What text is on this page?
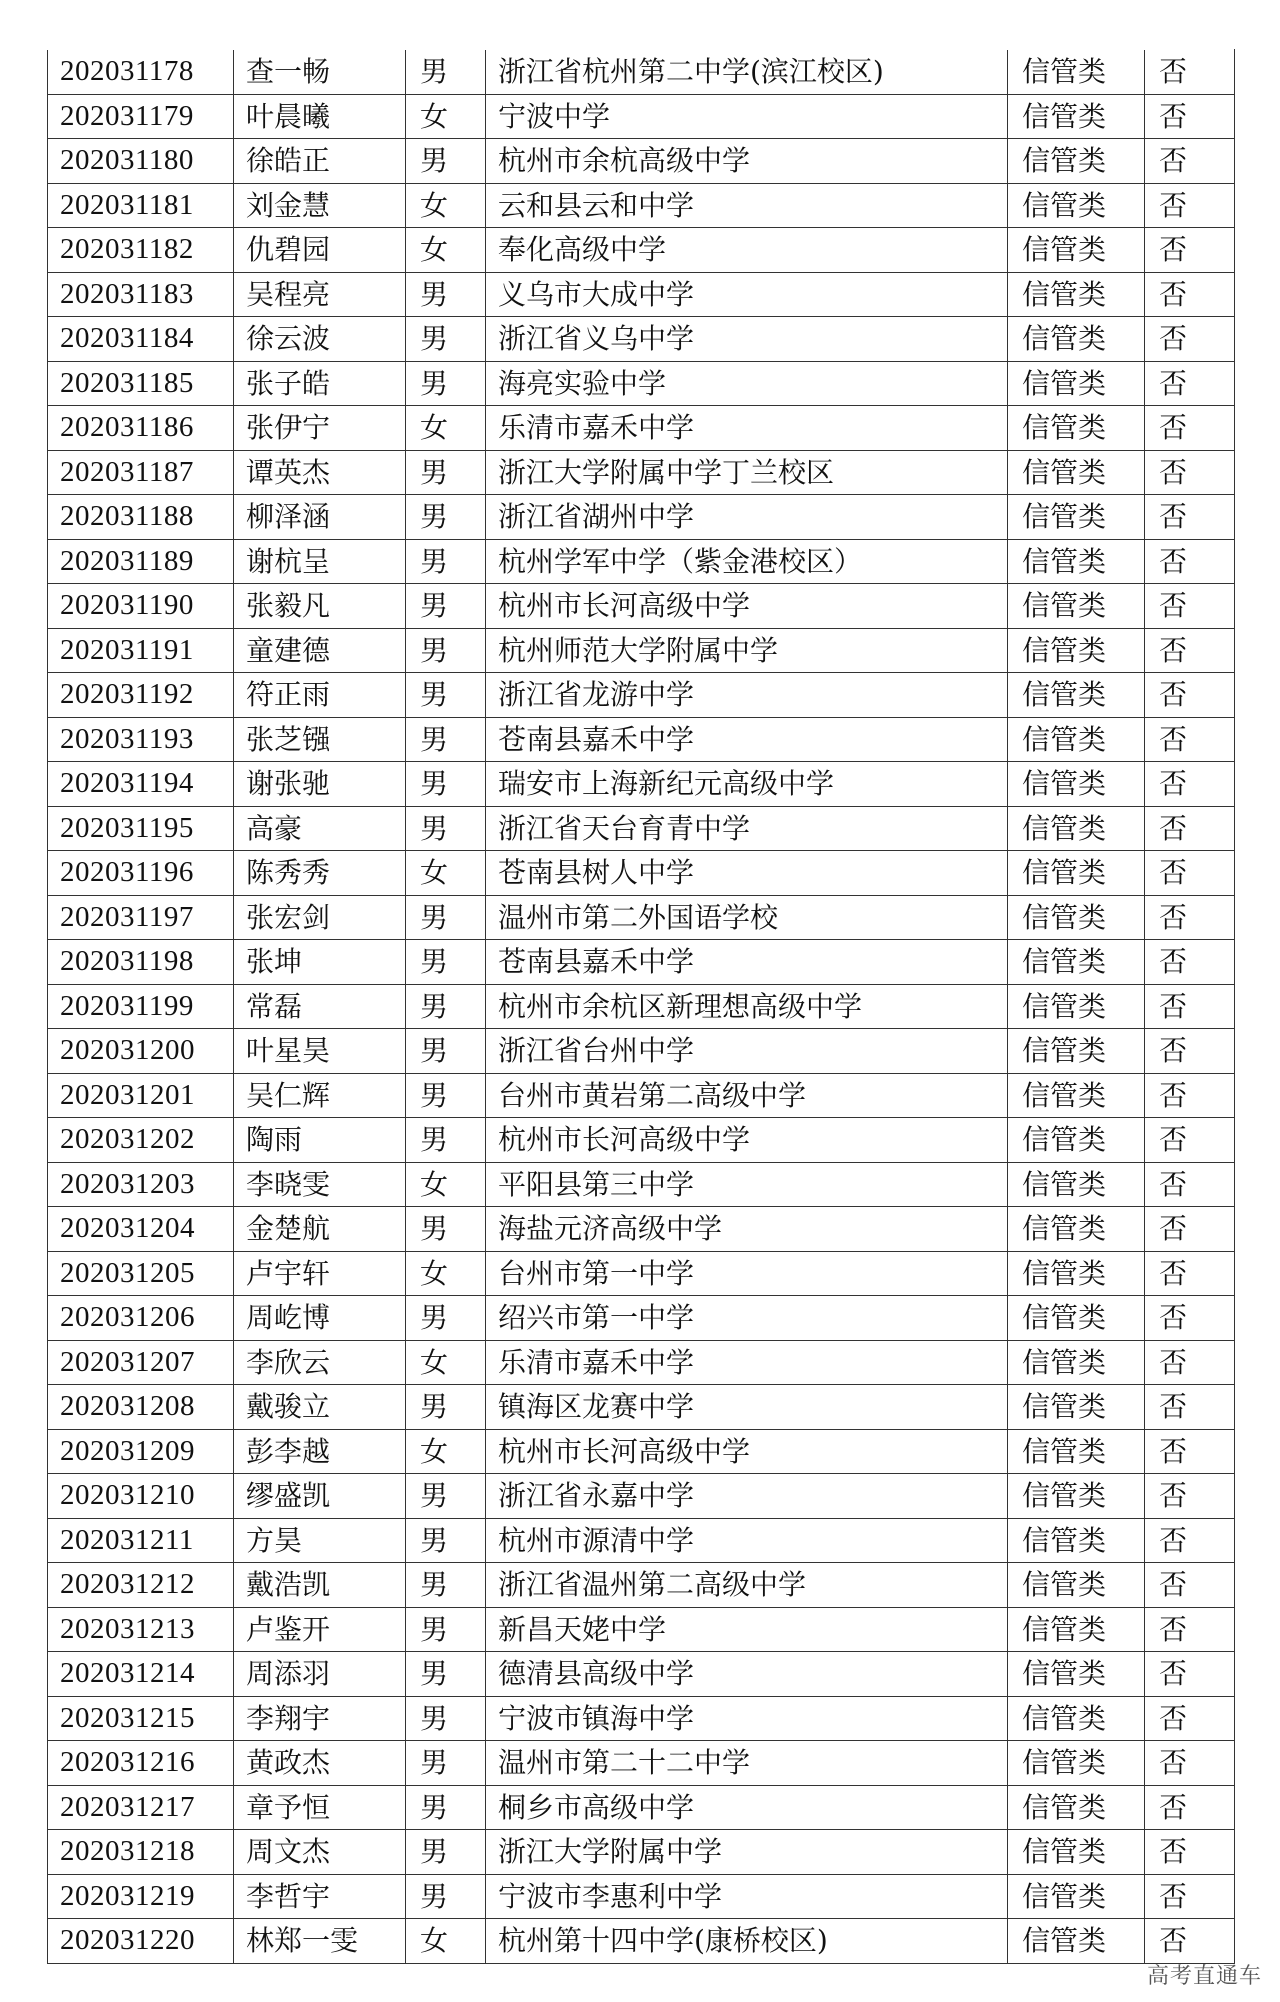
202031178	查一畅	男	浙江省杭州第二中学(滨江校区)	信管类	否
202031179	叶晨曦	女	宁波中学	信管类	否
202031180	徐皓正	男	杭州市余杭高级中学	信管类	否
202031181	刘金慧	女	云和县云和中学	信管类	否
202031182	仇碧园	女	奉化高级中学	信管类	否
202031183	吴程亮	男	义乌市大成中学	信管类	否
202031184	徐云波	男	浙江省义乌中学	信管类	否
202031185	张子皓	男	海亮实验中学	信管类	否
202031186	张伊宁	女	乐清市嘉禾中学	信管类	否
202031187	谭英杰	男	浙江大学附属中学丁兰校区	信管类	否
202031188	柳泽涵	男	浙江省湖州中学	信管类	否
202031189	谢杭呈	男	杭州学军中学（紫金港校区）	信管类	否
202031190	张毅凡	男	杭州市长河高级中学	信管类	否
202031191	童建德	男	杭州师范大学附属中学	信管类	否
202031192	符正雨	男	浙江省龙游中学	信管类	否
202031193	张芝镪	男	苍南县嘉禾中学	信管类	否
202031194	谢张驰	男	瑞安市上海新纪元高级中学	信管类	否
202031195	高豪	男	浙江省天台育青中学	信管类	否
202031196	陈秀秀	女	苍南县树人中学	信管类	否
202031197	张宏剑	男	温州市第二外国语学校	信管类	否
202031198	张坤	男	苍南县嘉禾中学	信管类	否
202031199	常磊	男	杭州市余杭区新理想高级中学	信管类	否
202031200	叶星昊	男	浙江省台州中学	信管类	否
202031201	吴仁辉	男	台州市黄岩第二高级中学	信管类	否
202031202	陶雨	男	杭州市长河高级中学	信管类	否
202031203	李晓雯	女	平阳县第三中学	信管类	否
202031204	金楚航	男	海盐元济高级中学	信管类	否
202031205	卢宇轩	女	台州市第一中学	信管类	否
202031206	周屹博	男	绍兴市第一中学	信管类	否
202031207	李欣云	女	乐清市嘉禾中学	信管类	否
202031208	戴骏立	男	镇海区龙赛中学	信管类	否
202031209	彭李越	女	杭州市长河高级中学	信管类	否
202031210	缪盛凯	男	浙江省永嘉中学	信管类	否
202031211	方昊	男	杭州市源清中学	信管类	否
202031212	戴浩凯	男	浙江省温州第二高级中学	信管类	否
202031213	卢鉴开	男	新昌天姥中学	信管类	否
202031214	周添羽	男	德清县高级中学	信管类	否
202031215	李翔宇	男	宁波市镇海中学	信管类	否
202031216	黄政杰	男	温州市第二十二中学	信管类	否
202031217	章予恒	男	桐乡市高级中学	信管类	否
202031218	周文杰	男	浙江大学附属中学	信管类	否
202031219	李哲宇	男	宁波市李惠利中学	信管类	否
202031220	林郑一雯	女	杭州第十四中学(康桥校区)	信管类	否
高考直通车
